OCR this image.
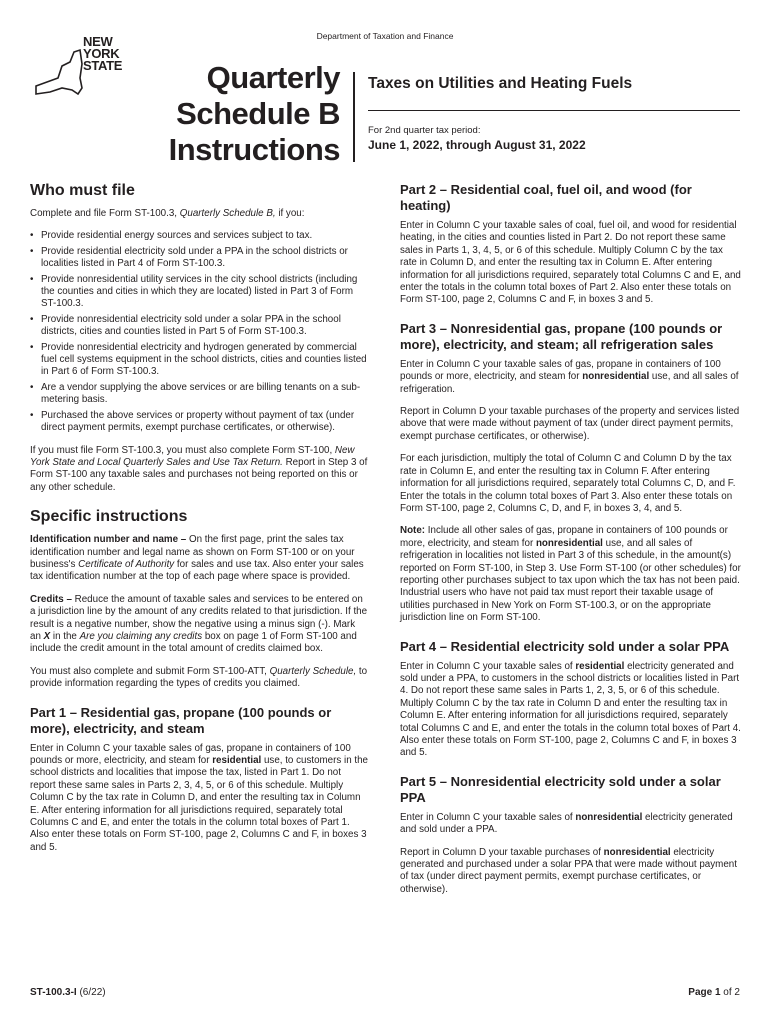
Department of Taxation and Finance
NEW
YORK
STATE	Quarterly
Schedule B
Instructions
Taxes on Utilities and Heating Fuels
For 2nd quarter tax period:
June 1, 2022, through August 31, 2022
Who must file

Complete and file Form ST-100.3, Quarterly Schedule B, if you:

• Provide residential energy sources and services subject to tax.
• Provide residential electricity sold under a PPA in the school districts or localities listed in Part 4 of Form ST-100.3.
• Provide nonresidential utility services in the city school districts (including the counties and cities in which they are located) listed in Part 3 of Form ST-100.3.
• Provide nonresidential electricity sold under a solar PPA in the school districts, cities and counties listed in Part 5 of Form ST-100.3.
• Provide nonresidential electricity and hydrogen generated by commercial fuel cell systems equipment in the school districts, cities and counties listed in Part 6 of Form ST-100.3.
• Are a vendor supplying the above services or are billing tenants on a sub-metering basis.
• Purchased the above services or property without payment of tax (under direct payment permits, exempt purchase certificates, or otherwise).

If you must file Form ST-100.3, you must also complete Form ST-100, New York State and Local Quarterly Sales and Use Tax Return. Report in Step 3 of Form ST-100 any taxable sales and purchases not being reported on this or any other schedule.

Specific instructions

Identification number and name – On the first page, print the sales tax identification number and legal name as shown on Form ST-100 or on your business's Certificate of Authority for sales and use tax. Also enter your sales tax identification number at the top of each page where space is provided.

Credits – Reduce the amount of taxable sales and services to be entered on a jurisdiction line by the amount of any credits related to that jurisdiction. If the result is a negative number, show the negative using a minus sign (-). Mark an X in the Are you claiming any credits box on page 1 of Form ST-100 and include the credit amount in the total amount of credits claimed box.

You must also complete and submit Form ST-100-ATT, Quarterly Schedule, to provide information regarding the types of credits you claimed.

Part 1 – Residential gas, propane (100 pounds or more), electricity, and steam

Enter in Column C your taxable sales of gas, propane in containers of 100 pounds or more, electricity, and steam for residential use, to customers in the school districts and localities that impose the tax, listed in Part 1. Do not report these same sales in Parts 2, 3, 4, 5, or 6 of this schedule. Multiply Column C by the tax rate in Column D, and enter the resulting tax in Column E. After entering information for all jurisdictions required, separately total Columns C and E, and enter the totals in the column total boxes of Part 1. Also enter these totals on Form ST-100, page 2, Columns C and F, in boxes 3 and 5.

Part 2 – Residential coal, fuel oil, and wood (for heating)

Enter in Column C your taxable sales of coal, fuel oil, and wood for residential heating, in the cities and counties listed in Part 2. Do not report these same sales in Parts 1, 3, 4, 5, or 6 of this schedule. Multiply Column C by the tax rate in Column D, and enter the resulting tax in Column E. After entering information for all jurisdictions required, separately total Columns C and E, and enter the totals in the column total boxes of Part 2. Also enter these totals on Form ST-100, page 2, Columns C and F, in boxes 3 and 5.

Part 3 – Nonresidential gas, propane (100 pounds or more), electricity, and steam; all refrigeration sales

Enter in Column C your taxable sales of gas, propane in containers of 100 pounds or more, electricity, and steam for nonresidential use, and all sales of refrigeration.

Report in Column D your taxable purchases of the property and services listed above that were made without payment of tax (under direct payment permits, exempt purchase certificates, or otherwise).

For each jurisdiction, multiply the total of Column C and Column D by the tax rate in Column E, and enter the resulting tax in Column F. After entering information for all jurisdictions required, separately total Columns C, D, and F. Enter the totals in the column total boxes of Part 3. Also enter these totals on Form ST-100, page 2, Columns C, D, and F, in boxes 3, 4, and 5.

Note: Include all other sales of gas, propane in containers of 100 pounds or more, electricity, and steam for nonresidential use, and all sales of refrigeration in localities not listed in Part 3 of this schedule, in the amount(s) reported on Form ST-100, in Step 3. Use Form ST-100 (or other schedules) for reporting other purchases subject to tax upon which the tax has not been paid. Industrial users who have not paid tax must report their taxable usage of utilities purchased in New York on Form ST-100.3, or on the appropriate jurisdiction line on Form ST-100.

Part 4 – Residential electricity sold under a solar PPA

Enter in Column C your taxable sales of residential electricity generated and sold under a PPA, to customers in the school districts or localities listed in Part 4. Do not report these same sales in Parts 1, 2, 3, 5, or 6 of this schedule. Multiply Column C by the tax rate in Column D and enter the resulting tax in Column E. After entering information for all jurisdictions required, separately total Columns C and E, and enter the totals in the column total boxes of Part 4. Also enter these totals on Form ST-100, page 2, Columns C and F, in boxes 3 and 5.

Part 5 – Nonresidential electricity sold under a solar PPA

Enter in Column C your taxable sales of nonresidential electricity generated and sold under a PPA.

Report in Column D your taxable purchases of nonresidential electricity generated and purchased under a solar PPA that were made without payment of tax (under direct payment permits, exempt purchase certificates, or otherwise).

ST-100.3-I (6/22)	Page 1 of 2
